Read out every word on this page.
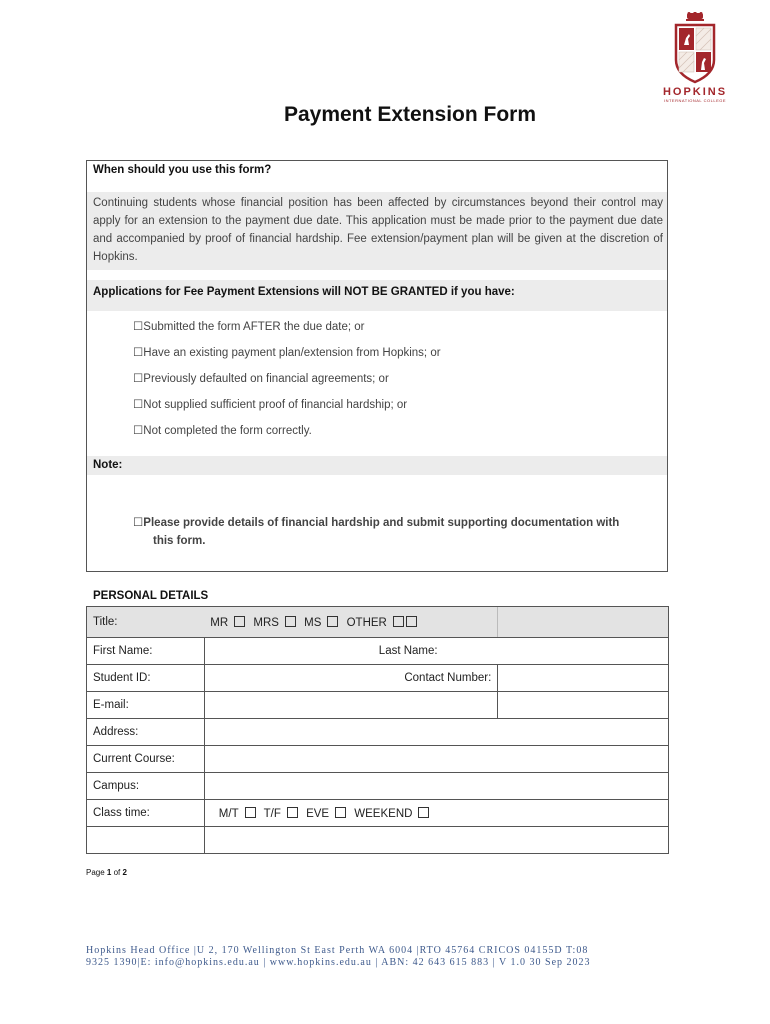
HOPKINS
INTERNATIONAL COLLEGE
Payment Extension Form
When should you use this form?
Continuing students whose financial position has been affected by circumstances beyond their control may apply for an extension to the payment due date. This application must be made prior to the payment due date and accompanied by proof of financial hardship. Fee extension/payment plan will be given at the discretion of Hopkins.
Applications for Fee Payment Extensions will NOT BE GRANTED if you have:
☐Submitted the form AFTER the due date; or
☐Have an existing payment plan/extension from Hopkins; or
☐Previously defaulted on financial agreements; or
☐Not supplied sufficient proof of financial hardship; or
☐Not completed the form correctly.
Note:
☐Please provide details of financial hardship and submit supporting documentation with
this form.
PERSONAL DETAILS
Title:	MR MRS MS OTHER	
First Name:	Last Name:	
Student ID:	Contact Number:	
E-mail:		
Address:		
Current Course:		
Campus:		
Class time:	M/T T/F EVE WEEKEND	

Page 1 of 2
Hopkins Head Office |U 2, 170 Wellington St East Perth WA 6004 |RTO 45764 CRICOS 04155D T:08
9325 1390|E: info@hopkins.edu.au | www.hopkins.edu.au | ABN: 42 643 615 883 | V 1.0 30 Sep 2023
